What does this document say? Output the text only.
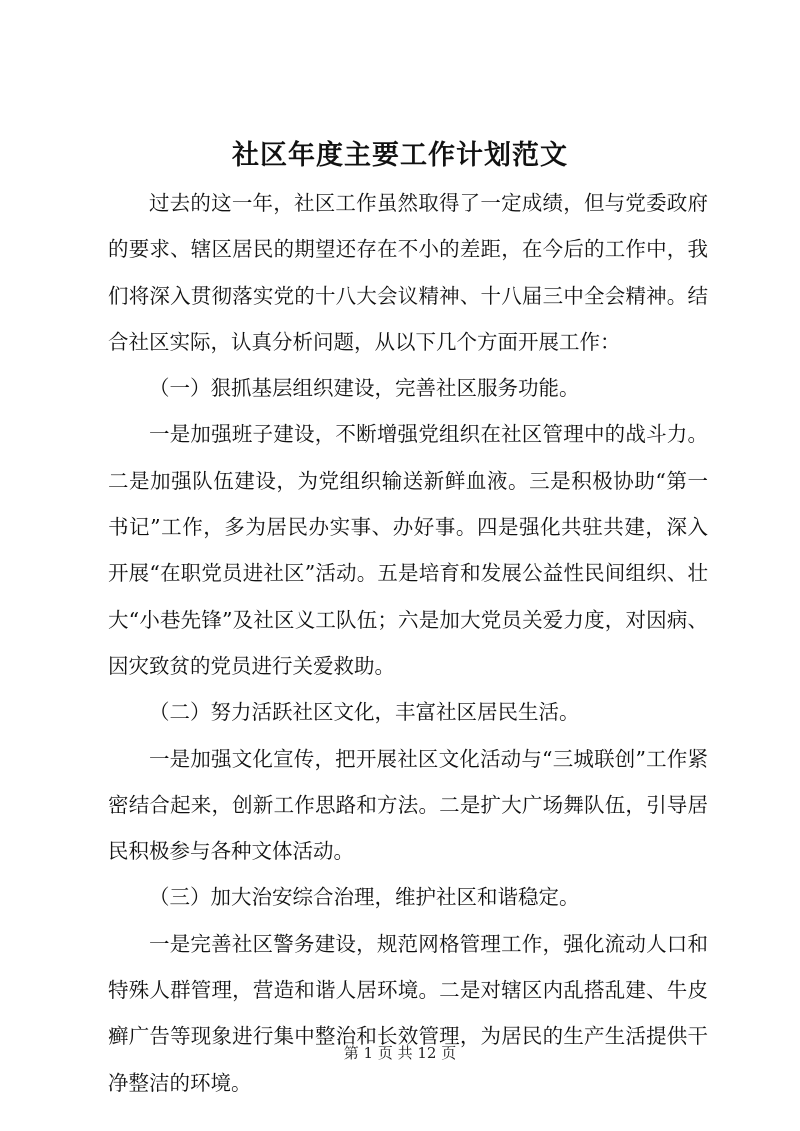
社区年度主要工作计划范文

过去的这一年，社区工作虽然取得了一定成绩，但与党委政府的要求、辖区居民的期望还存在不小的差距，在今后的工作中，我们将深入贯彻落实党的十八大会议精神、十八届三中全会精神。结合社区实际，认真分析问题，从以下几个方面开展工作：

（一）狠抓基层组织建设，完善社区服务功能。

一是加强班子建设，不断增强党组织在社区管理中的战斗力。二是加强队伍建设，为党组织输送新鲜血液。三是积极协助“第一书记”工作，多为居民办实事、办好事。四是强化共驻共建，深入开展“在职党员进社区”活动。五是培育和发展公益性民间组织、壮大“小巷先锋”及社区义工队伍；六是加大党员关爱力度，对因病、因灾致贫的党员进行关爱救助。

（二）努力活跃社区文化，丰富社区居民生活。

一是加强文化宣传，把开展社区文化活动与“三城联创”工作紧密结合起来，创新工作思路和方法。二是扩大广场舞队伍，引导居民积极参与各种文体活动。

（三）加大治安综合治理，维护社区和谐稳定。

一是完善社区警务建设，规范网格管理工作，强化流动人口和特殊人群管理，营造和谐人居环境。二是对辖区内乱搭乱建、牛皮癣广告等现象进行集中整治和长效管理，为居民的生产生活提供干净整洁的环境。

第 1 页 共 12 页
